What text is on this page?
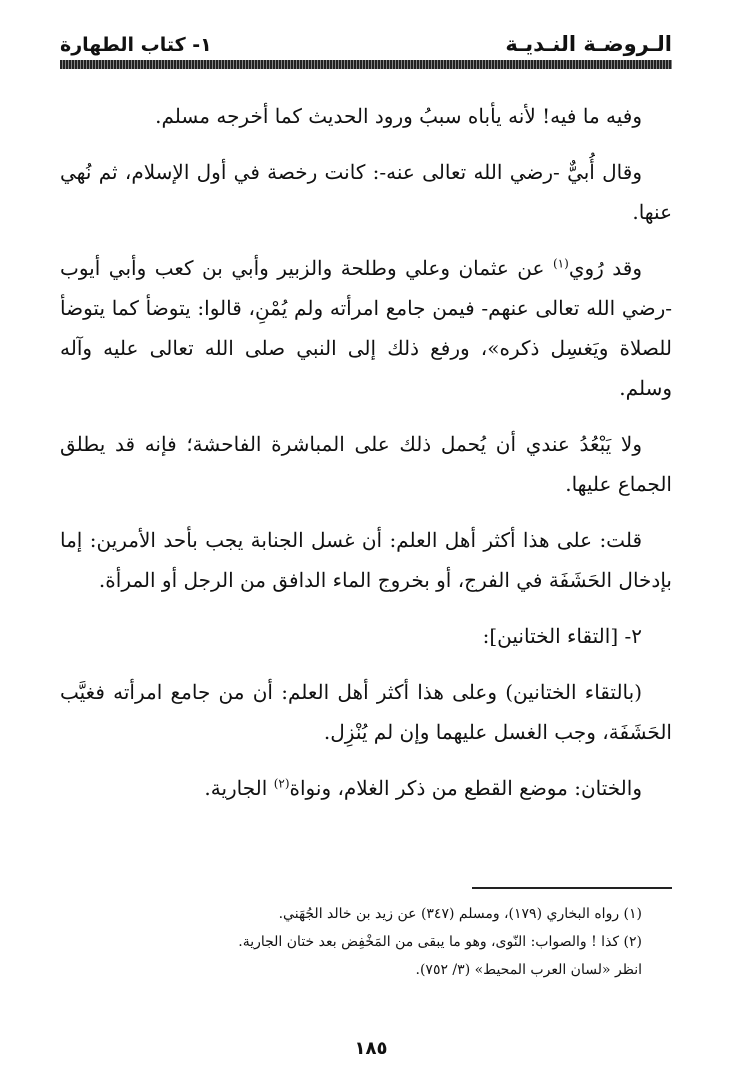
١- كتاب الطهارة	الـروضـة النـديـة

وفيه ما فيه! لأنه يأباه سببُ ورود الحديث كما أخرجه مسلم.

وقال أُبيٌّ -رضي الله تعالى عنه-: كانت رخصة في أول الإسلام، ثم نُهي عنها.

وقد رُوي$^{(١)}$ عن عثمان وعلي وطلحة والزبير وأبي بن كعب وأبي أيوب -رضي الله تعالى عنهم- فيمن جامع امرأته ولم يُمْنِ، قالوا: يتوضأ كما يتوضأ للصلاة ويَغسِل ذكره»، ورفع ذلك إلى النبي صلى الله تعالى عليه وآله وسلم.

ولا يَبْعُدُ عندي أن يُحمل ذلك على المباشرة الفاحشة؛ فإنه قد يطلق الجماع عليها.

قلت: على هذا أكثر أهل العلم: أن غسل الجنابة يجب بأحد الأمرين: إما بإدخال الحَشَفَة في الفرج، أو بخروج الماء الدافق من الرجل أو المرأة.

٢- [التقاء الختانين]:

(بالتقاء الختانين) وعلى هذا أكثر أهل العلم: أن من جامع امرأته فغيَّب الحَشَفَة، وجب الغسل عليهما وإن لم يُنْزِل.

والختان: موضع القطع من ذكر الغلام، ونواة$^{(٢)}$ الجارية.

(١) رواه البخاري (١٧٩)، ومسلم (٣٤٧) عن زيد بن خالد الجُهَني.

(٢) كذا ! والصواب: النّوى، وهو ما يبقى من المَخْفِض بعد ختان الجارية.

انظر «لسان العرب المحيط» (٣/ ٧٥٢).

١٨٥
